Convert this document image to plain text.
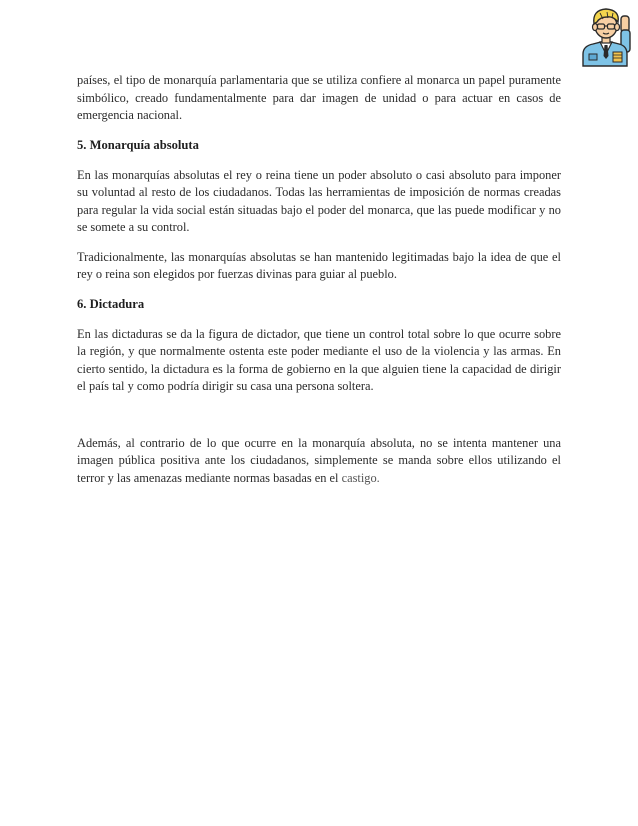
países, el tipo de monarquía parlamentaria que se utiliza confiere al monarca un papel puramente simbólico, creado fundamentalmente para dar imagen de unidad o para actuar en casos de emergencia nacional.

5. Monarquía absoluta

En las monarquías absolutas el rey o reina tiene un poder absoluto o casi absoluto para imponer su voluntad al resto de los ciudadanos. Todas las herramientas de imposición de normas creadas para regular la vida social están situadas bajo el poder del monarca, que las puede modificar y no se somete a su control.

Tradicionalmente, las monarquías absolutas se han mantenido legitimadas bajo la idea de que el rey o reina son elegidos por fuerzas divinas para guiar al pueblo.

6. Dictadura

En las dictaduras se da la figura de dictador, que tiene un control total sobre lo que ocurre sobre la región, y que normalmente ostenta este poder mediante el uso de la violencia y las armas. En cierto sentido, la dictadura es la forma de gobierno en la que alguien tiene la capacidad de dirigir el país tal y como podría dirigir su casa una persona soltera.

Además, al contrario de lo que ocurre en la monarquía absoluta, no se intenta mantener una imagen pública positiva ante los ciudadanos, simplemente se manda sobre ellos utilizando el terror y las amenazas mediante normas basadas en el castigo.
